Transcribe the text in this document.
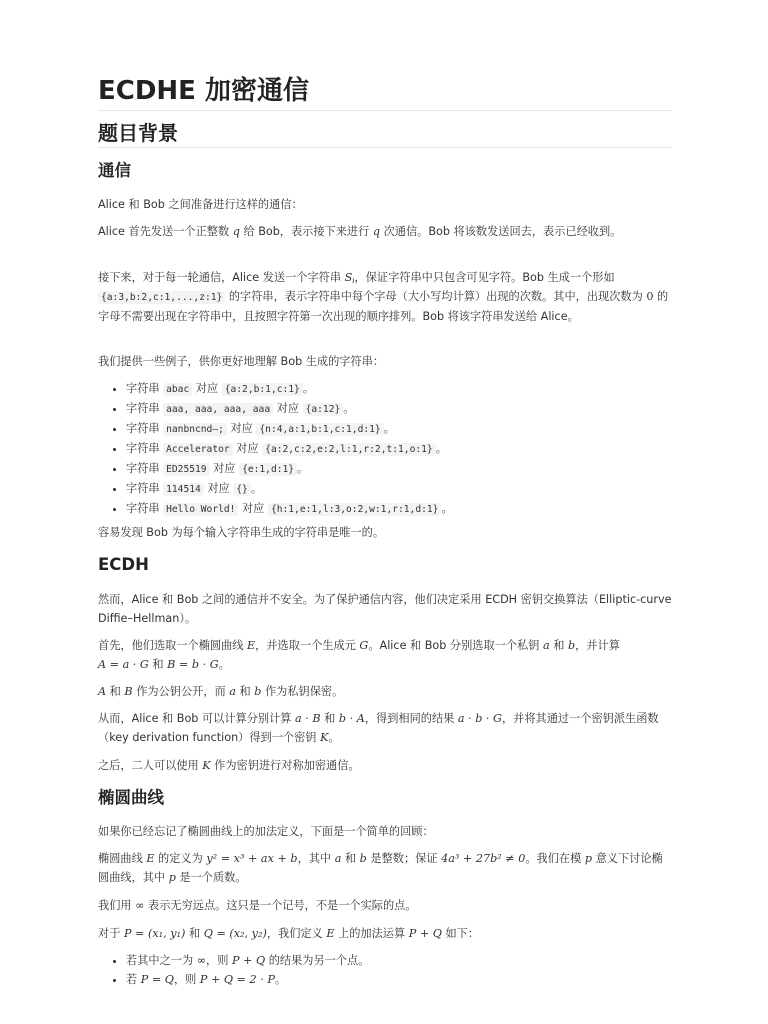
ECDHE 加密通信
题目背景
通信

Alice 和 Bob 之间准备进行这样的通信：

Alice 首先发送一个正整数 q 给 Bob，表示接下来进行 q 次通信。Bob 将该数发送回去，表示已经收到。

接下来，对于每一轮通信，Alice 发送一个字符串 $S_i$，保证字符串中只包含可见字符。Bob 生成一个形如 {a:3,b:2,c:1,...,z:1} 的字符串，表示字符串中每个字母（大小写均计算）出现的次数。其中，出现次数为 0 的字母不需要出现在字符串中，且按照字符第一次出现的顺序排列。Bob 将该字符串发送给 Alice。

我们提供一些例子，供你更好地理解 Bob 生成的字符串：

• 字符串 abac 对应 {a:2,b:1,c:1} 。
• 字符串 aaa, aaa, aaa, aaa 对应 {a:12} 。
• 字符串 nanbncnd–; 对应 {n:4,a:1,b:1,c:1,d:1} 。
• 字符串 Accelerator 对应 {a:2,c:2,e:2,l:1,r:2,t:1,o:1} 。
• 字符串 ED25519 对应 {e:1,d:1} 。
• 字符串 114514 对应 {} 。
• 字符串 Hello World! 对应 {h:1,e:1,l:3,o:2,w:1,r:1,d:1} 。

容易发现 Bob 为每个输入字符串生成的字符串是唯一的。

ECDH

然而，Alice 和 Bob 之间的通信并不安全。为了保护通信内容，他们决定采用 ECDH 密钥交换算法（Elliptic-curve Diffie–Hellman）。

首先，他们选取一个椭圆曲线 E，并选取一个生成元 G。Alice 和 Bob 分别选取一个私钥 a 和 b，并计算 A = a · G 和 B = b · G。

A 和 B 作为公钥公开，而 a 和 b 作为私钥保密。

从而，Alice 和 Bob 可以计算分别计算 a · B 和 b · A，得到相同的结果 a · b · G，并将其通过一个密钥派生函数（key derivation function）得到一个密钥 K。

之后，二人可以使用 K 作为密钥进行对称加密通信。

椭圆曲线

如果你已经忘记了椭圆曲线上的加法定义，下面是一个简单的回顾：

椭圆曲线 E 的定义为 y² = x³ + ax + b，其中 a 和 b 是整数；保证 4a³ + 27b² ≠ 0。我们在模 p 意义下讨论椭圆曲线，其中 p 是一个质数。

我们用 ∞ 表示无穷远点。这只是一个记号，不是一个实际的点。

对于 P = (x₁, y₁) 和 Q = (x₂, y₂)，我们定义 E 上的加法运算 P + Q 如下：

• 若其中之一为 ∞，则 P + Q 的结果为另一个点。
• 若 P = Q，则 P + Q = 2 · P。
